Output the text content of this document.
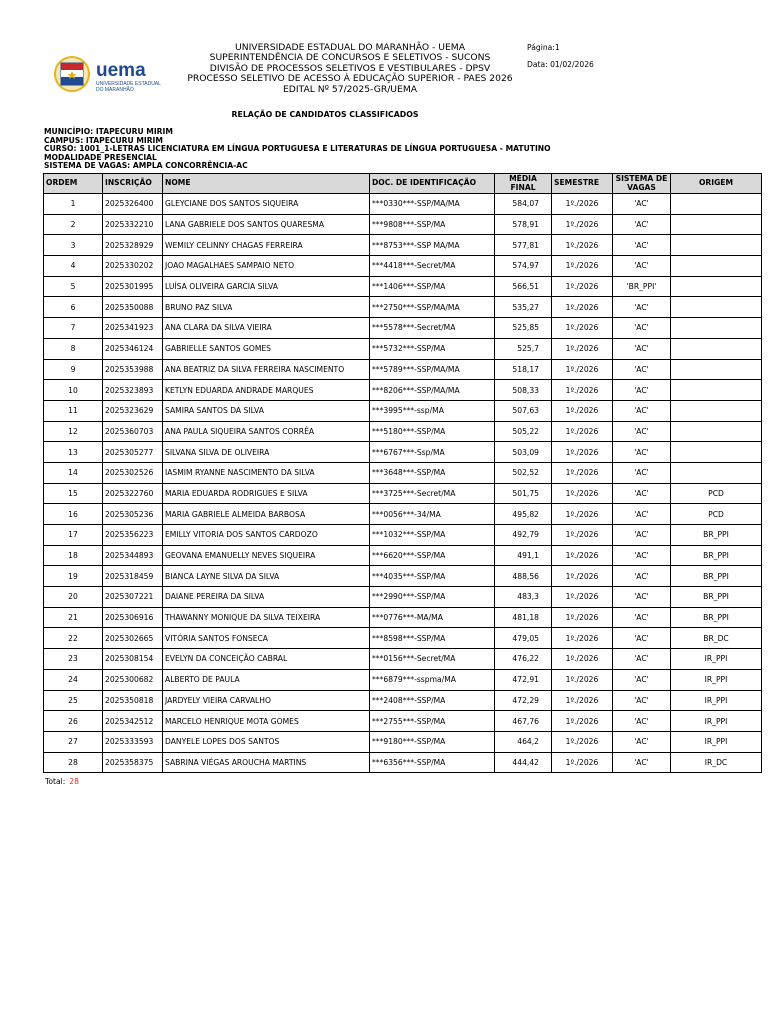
uema
UNIVERSIDADE ESTADUAL
DO MARANHÃO
UNIVERSIDADE ESTADUAL DO MARANHÃO - UEMA
SUPERINTENDÊNCIA DE CONCURSOS E SELETIVOS - SUCONS
DIVISÃO DE PROCESSOS SELETIVOS E VESTIBULARES - DPSV
PROCESSO SELETIVO DE ACESSO À EDUCAÇÃO SUPERIOR - PAES 2026
EDITAL Nº 57/2025-GR/UEMA
Página:1
Data: 01/02/2026
RELAÇÃO DE CANDIDATOS CLASSIFICADOS
MUNICÍPIO: ITAPECURU MIRIM
CAMPUS: ITAPECURU MIRIM
CURSO: 1001_1-LETRAS LICENCIATURA EM LÍNGUA PORTUGUESA E LITERATURAS DE LÍNGUA PORTUGUESA - MATUTINO
MODALIDADE PRESENCIAL
SISTEMA DE VAGAS: AMPLA CONCORRÊNCIA-AC
ORDEM	INSCRIÇÃO	NOME	DOC. DE IDENTIFICAÇÃO	MÉDIA FINAL	SEMESTRE	SISTEMA DE VAGAS	ORIGEM
1	2025326400	GLEYCIANE DOS SANTOS SIQUEIRA	***0330***-SSP/MA/MA	584,07	1º./2026	'AC'	
2	2025332210	LANA GABRIELE DOS SANTOS QUARESMA	***9808***-SSP/MA	578,91	1º./2026	'AC'	
3	2025328929	WEMILY CELINNY CHAGAS FERREIRA	***8753***-SSP MA/MA	577,81	1º./2026	'AC'	
4	2025330202	JOAO MAGALHAES SAMPAIO NETO	***4418***-Secret/MA	574,97	1º./2026	'AC'	
5	2025301995	LUÍSA OLIVEIRA GARCIA SILVA	***1406***-SSP/MA	566,51	1º./2026	'BR_PPI'	
6	2025350088	BRUNO PAZ SILVA	***2750***-SSP/MA/MA	535,27	1º./2026	'AC'	
7	2025341923	ANA CLARA DA SILVA VIEIRA	***5578***-Secret/MA	525,85	1º./2026	'AC'	
8	2025346124	GABRIELLE SANTOS GOMES	***5732***-SSP/MA	525,7	1º./2026	'AC'	
9	2025353988	ANA BEATRIZ DA SILVA FERREIRA NASCIMENTO	***5789***-SSP/MA/MA	518,17	1º./2026	'AC'	
10	2025323893	KETLYN EDUARDA ANDRADE MARQUES	***8206***-SSP/MA/MA	508,33	1º./2026	'AC'	
11	2025323629	SAMIRA SANTOS DA SILVA	***3995***-ssp/MA	507,63	1º./2026	'AC'	
12	2025360703	ANA PAULA SIQUEIRA SANTOS CORRÊA	***5180***-SSP/MA	505,22	1º./2026	'AC'	
13	2025305277	SILVANA SILVA DE OLIVEIRA	***6767***-Ssp/MA	503,09	1º./2026	'AC'	
14	2025302526	IASMIM RYANNE NASCIMENTO DA SILVA	***3648***-SSP/MA	502,52	1º./2026	'AC'	
15	2025322760	MARIA EDUARDA RODRIGUES E SILVA	***3725***-Secret/MA	501,75	1º./2026	'AC'	PCD
16	2025305236	MARIA GABRIELE ALMEIDA BARBOSA	***0056***-34/MA	495,82	1º./2026	'AC'	PCD
17	2025356223	EMILLY VITORIA DOS SANTOS CARDOZO	***1032***-SSP/MA	492,79	1º./2026	'AC'	BR_PPI
18	2025344893	GEOVANA EMANUELLY NEVES SIQUEIRA	***6620***-SSP/MA	491,1	1º./2026	'AC'	BR_PPI
19	2025318459	BIANCA LAYNE SILVA DA SILVA	***4035***-SSP/MA	488,56	1º./2026	'AC'	BR_PPI
20	2025307221	DAIANE PEREIRA DA SILVA	***2990***-SSP/MA	483,3	1º./2026	'AC'	BR_PPI
21	2025306916	THAWANNY MONIQUE DA SILVA TEIXEIRA	***0776***-MA/MA	481,18	1º./2026	'AC'	BR_PPI
22	2025302665	VITÓRIA SANTOS FONSECA	***8598***-SSP/MA	479,05	1º./2026	'AC'	BR_DC
23	2025308154	EVELYN DA CONCEIÇÃO CABRAL	***0156***-Secret/MA	476,22	1º./2026	'AC'	IR_PPI
24	2025300682	ALBERTO DE PAULA	***6879***-sspma/MA	472,91	1º./2026	'AC'	IR_PPI
25	2025350818	JARDYELY VIEIRA CARVALHO	***2408***-SSP/MA	472,29	1º./2026	'AC'	IR_PPI
26	2025342512	MARCELO HENRIQUE MOTA GOMES	***2755***-SSP/MA	467,76	1º./2026	'AC'	IR_PPI
27	2025333593	DANYELE LOPES DOS SANTOS	***9180***-SSP/MA	464,2	1º./2026	'AC'	IR_PPI
28	2025358375	SABRINA VIÉGAS AROUCHA MARTINS	***6356***-SSP/MA	444,42	1º./2026	'AC'	IR_DC
Total: 28
